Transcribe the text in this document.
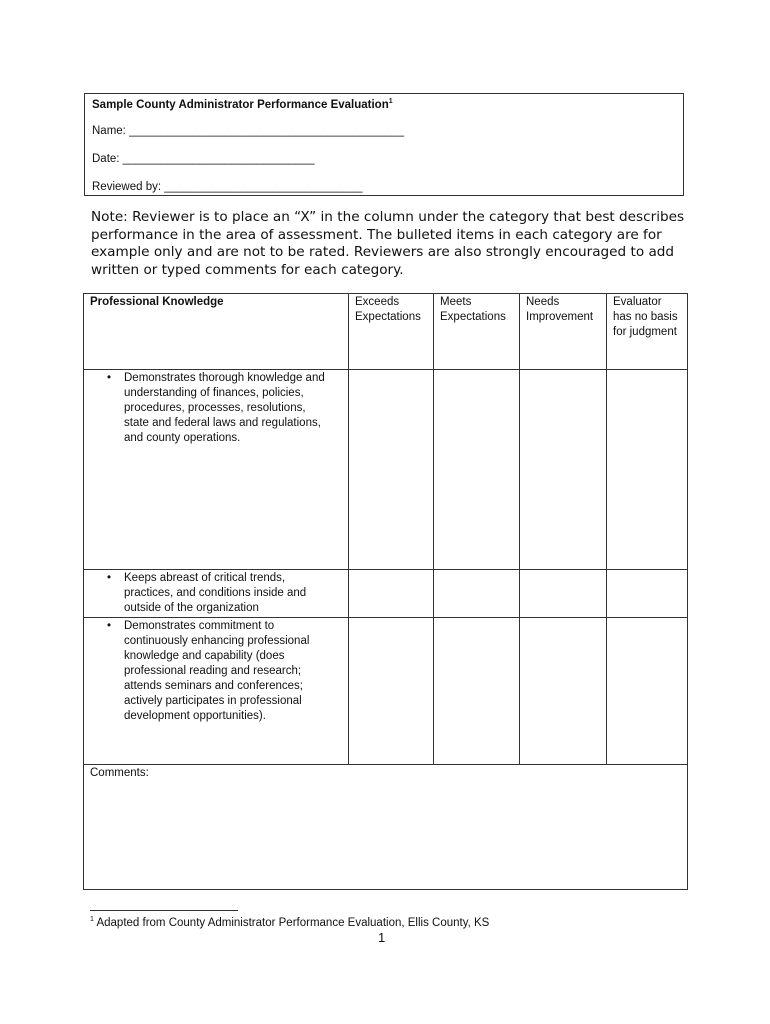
Sample County Administrator Performance Evaluation$^1$
Name: ___________________________________________
Date: ______________________________
Reviewed by: _______________________________
Note: Reviewer is to place an “X” in the column under the category that best describes performance in the area of assessment. The bulleted items in each category are for example only and are not to be rated. Reviewers are also strongly encouraged to add written or typed comments for each category.
Professional Knowledge	Exceeds Expectations	Meets Expectations	Needs Improvement	Evaluator has no basis for judgment

• Demonstrates thorough knowledge and understanding of finances, policies, procedures, processes, resolutions, state and federal laws and regulations, and county operations.				

• Keeps abreast of critical trends, practices, and conditions inside and outside of the organization				

• Demonstrates commitment to continuously enhancing professional knowledge and capability (does professional reading and research; attends seminars and conferences; actively participates in professional development opportunities).				

Comments:				
$^1$ Adapted from County Administrator Performance Evaluation, Ellis County, KS
1
